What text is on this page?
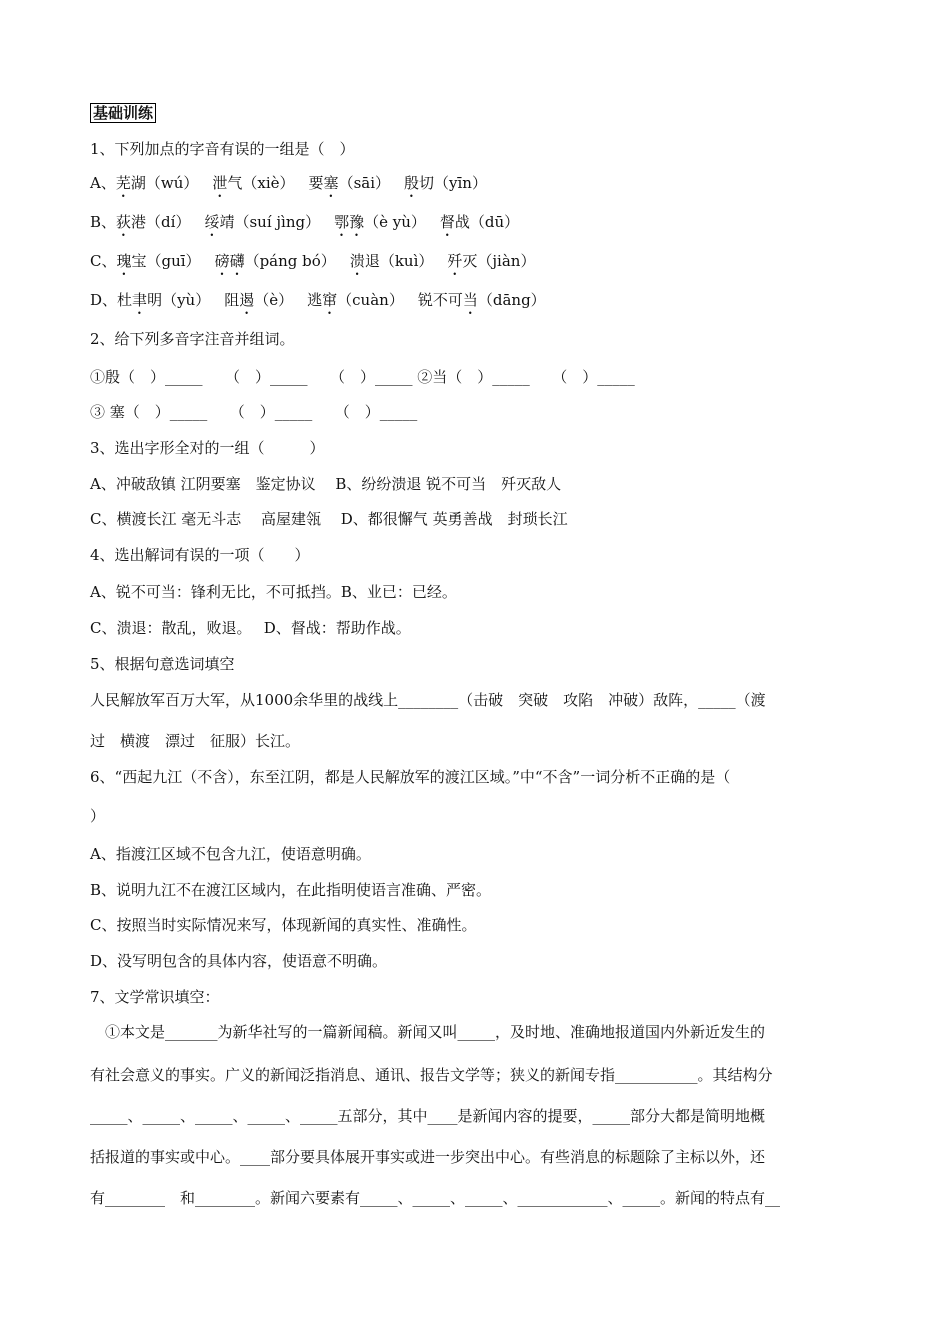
基础训练
1、下列加点的字音有误的一组是（　）
A、芜湖（wú） 泄气（xiè） 要塞（sāi） 殷切（yīn）
B、荻港（dí） 绥靖（suí jìng） 鄂豫（è yù） 督战（dū）
C、瑰宝（guī） 磅礴（páng bó） 溃退（kuì） 歼灭（jiàn）
D、杜聿明（yù） 阻遏（è） 逃窜（cuàn） 锐不可当（dāng）
2、给下列多音字注音并组词。
①殷（　）_____　　（　）_____　　（　）_____ ②当（　）_____　　（　）_____
③ 塞（　）_____　　（　）_____　　（　）_____
3、选出字形全对的一组（　　　）
A、冲破敌镇 江阴要塞　鉴定协议　 B、纷纷溃退 锐不可当　歼灭敌人
C、横渡长江 毫无斗志　 高屋建瓴　 D、都很懈气 英勇善战　封琐长江
4、选出解词有误的一项（　　）
A、锐不可当：锋利无比，不可抵挡。B、业已：已经。
C、溃退：散乱，败退。　 D、督战：帮助作战。
5、根据句意选词填空
人民解放军百万大军，从1000余华里的战线上________（击破　突破　攻陷　冲破）敌阵，_____（渡
过　横渡　漂过　征服）长江。
6、“西起九江（不含），东至江阴，都是人民解放军的渡江区域。”中“不含”一词分析不正确的是（
）
A、指渡江区域不包含九江，使语意明确。
B、说明九江不在渡江区域内，在此指明使语言准确、严密。
C、按照当时实际情况来写，体现新闻的真实性、准确性。
D、没写明包含的具体内容，使语意不明确。
7、文学常识填空：
　①本文是_______为新华社写的一篇新闻稿。新闻又叫_____，及时地、准确地报道国内外新近发生的
有社会意义的事实。广义的新闻泛指消息、通讯、报告文学等；狭义的新闻专指___________。其结构分
_____、_____、_____、_____、_____五部分，其中____是新闻内容的提要，_____部分大都是简明地概
括报道的事实或中心。____部分要具体展开事实或进一步突出中心。有些消息的标题除了主标以外，还
有________　和________。新闻六要素有_____、_____、_____、____________、_____。新闻的特点有__
